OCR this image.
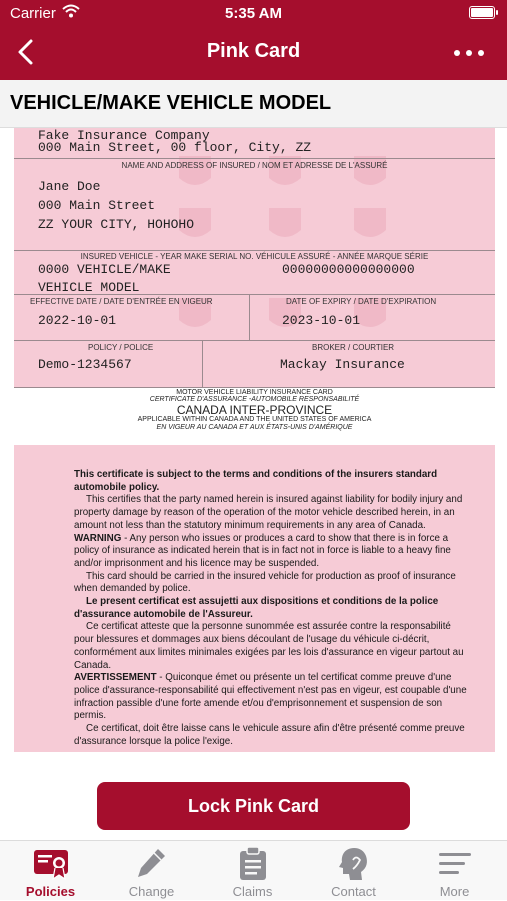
Carrier	5:35 AM
Pink Card
VEHICLE/MAKE VEHICLE MODEL
Fake Insurance Company
000 Main Street, 00 floor, City, ZZ
NAME AND ADDRESS OF INSURED / NOM ET ADRESSE DE L'ASSURÉ
Jane Doe
000 Main Street
ZZ YOUR CITY, HOHOHO
INSURED VEHICLE - YEAR MAKE SERIAL NO. VÉHICULE ASSURÉ - ANNÉE MARQUE SÉRIE
0000 VEHICLE/MAKE	00000000000000000
VEHICLE MODEL
EFFECTIVE DATE / DATE D'ENTRÉE EN VIGEUR
2022-10-01
DATE OF EXPIRY / DATE D'EXPIRATION
2023-10-01
POLICY / POLICE
Demo-1234567
BROKER / COURTIER
Mackay Insurance
MOTOR VEHICLE LIABILITY INSURANCE CARD
CERTIFICATE D'ASSURANCE -AUTOMOBILE RESPONSABILITÉ
CANADA INTER-PROVINCE
APPLICABLE WITHIN CANADA AND THE UNITED STATES OF AMERICA
EN VIGEUR AU CANADA ET AUX ÉTATS-UNIS D'AMÉRIQUE

This certificate is subject to the terms and conditions of the insurers standard automobile policy.

This certifies that the party named herein is insured against liability for bodily injury and property damage by reason of the operation of the motor vehicle described herein, in an amount not less than the statutory minimum requirements in any area of Canada.

WARNING - Any person who issues or produces a card to show that there is in force a policy of insurance as indicated herein that is in fact not in force is liable to a heavy fine and/or imprisonment and his licence may be suspended.

This card should be carried in the insured vehicle for production as proof of insurance when demanded by police.

Le present certificat est assujetti aux dispositions et conditions de la police d'assurance automobile de l'Assureur.

Ce certificat atteste que la personne sunommée est assurée contre la responsabilité pour blessures et dommages aux biens découlant de l'usage du véhicule ci-décrit, conformément aux limites minimales exigées par les lois d'assurance en vigeur partout au Canada.

AVERTISSEMENT - Quiconque émet ou présente un tel certificat comme preuve d'une police d'assurance-responsabilité qui effectivement n'est pas en vigeur, est coupable d'une infraction passible d'une forte amende et/ou d'emprisonnement et suspension de son permis.

Ce certificat, doit être laisse cans le vehicule assure afin d'être présenté comme preuve d'assurance lorsque la police l'exige.

Lock Pink Card
Policies	Change	Claims	Contact	More
